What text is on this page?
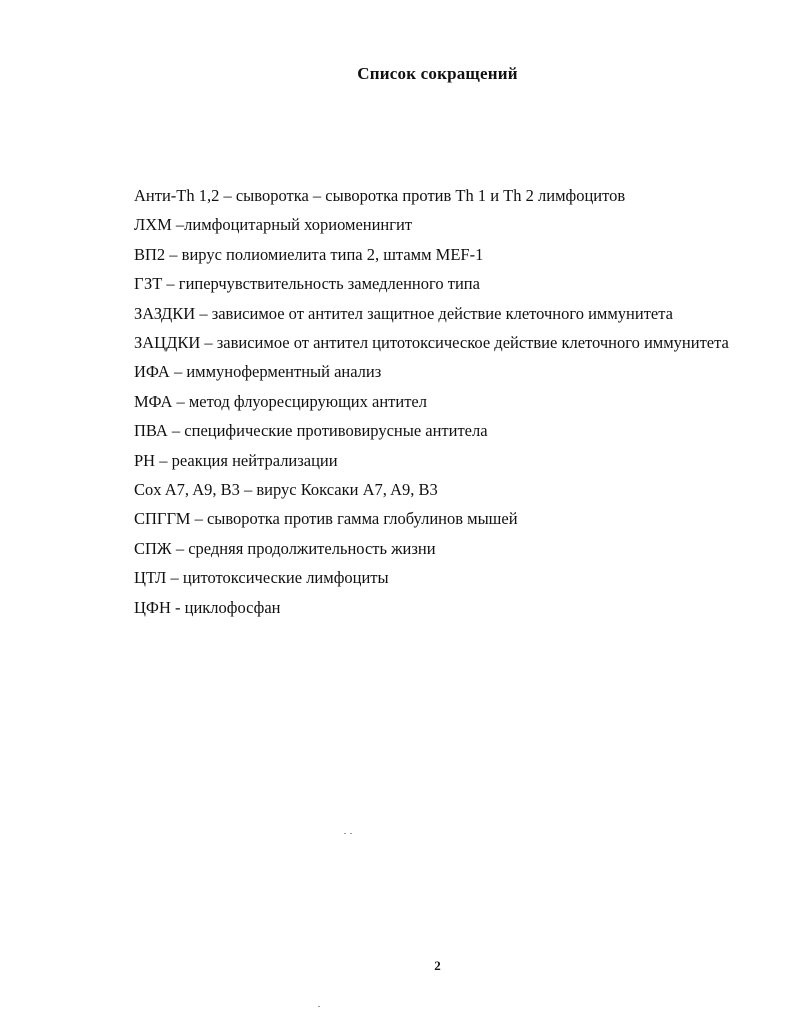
Список сокращений
Анти-Th 1,2 – сыворотка – сыворотка против Th 1 и Th 2 лимфоцитов
ЛХМ –лимфоцитарный хориоменингит
ВП2 – вирус полиомиелита типа 2, штамм MEF-1
ГЗТ – гиперчувствительность замедленного типа
ЗАЗДКИ – зависимое от антител защитное действие клеточного иммунитета
ЗАЦДКИ – зависимое от антител цитотоксическое действие клеточного иммунитета
ИФА – иммуноферментный анализ
МФА – метод флуоресцирующих антител
ПВА – специфические противовирусные антитела
РН – реакция нейтрализации
Cox A7, A9, B3 – вирус Коксаки A7, A9, B3
СПГГМ – сыворотка против гамма глобулинов мышей
СПЖ – средняя продолжительность жизни
ЦТЛ – цитотоксические лимфоциты
ЦФН - циклофосфан
2
